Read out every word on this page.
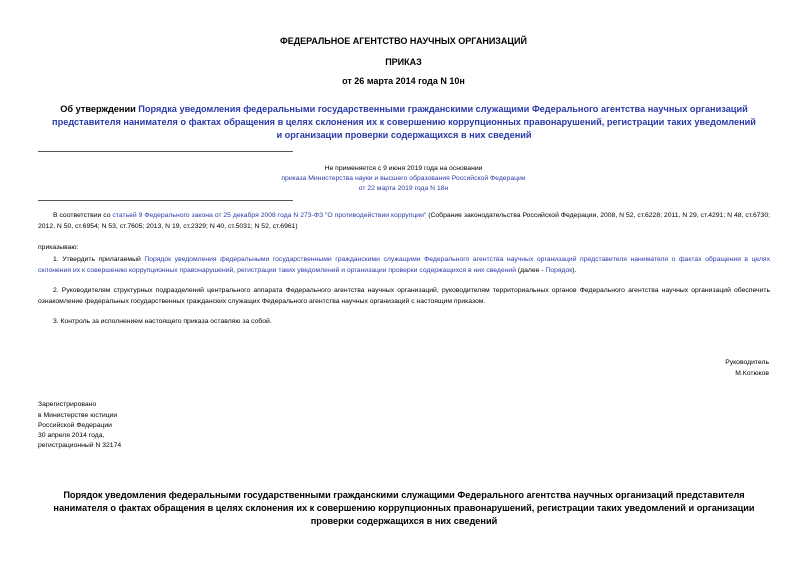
ФЕДЕРАЛЬНОЕ АГЕНТСТВО НАУЧНЫХ ОРГАНИЗАЦИЙ
ПРИКАЗ
от 26 марта 2014 года N 10н
Об утверждении Порядка уведомления федеральными государственными гражданскими служащими Федерального агентства научных организаций представителя нанимателя о фактах обращения в целях склонения их к совершению коррупционных правонарушений, регистрации таких уведомлений и организации проверки содержащихся в них сведений
Не применяется с 9 июня 2019 года на основании
приказа Министерства науки и высшего образования Российской Федерации
от 22 марта 2019 года N 18н
В соответствии со статьей 9 Федерального закона от 25 декабря 2008 года N 273-ФЗ "О противодействии коррупции" (Собрание законодательства Российской Федерации, 2008, N 52, ст.6228; 2011, N 29, ст.4291; N 48, ст.6730; 2012, N 50, ст.6954; N 53, ст.7605; 2013, N 19, ст.2329; N 40, ст.5031; N 52, ст.6961)
приказываю:
1. Утвердить прилагаемый Порядок уведомления федеральными государственными гражданскими служащими Федерального агентства научных организаций представителя нанимателя о фактах обращения в целях склонения их к совершению коррупционных правонарушений, регистрации таких уведомлений и организации проверки содержащихся в них сведений (далее - Порядок).
2. Руководителям структурных подразделений центрального аппарата Федерального агентства научных организаций, руководителям территориальных органов Федерального агентства научных организаций обеспечить ознакомление федеральных государственных гражданских служащих Федерального агентства научных организаций с настоящим приказом.
3. Контроль за исполнением настоящего приказа оставляю за собой.
Руководитель
М.Котюков
Зарегистрировано
в Министерстве юстиции
Российской Федерации
30 апреля 2014 года,
регистрационный N 32174
Порядок уведомления федеральными государственными гражданскими служащими Федерального агентства научных организаций представителя нанимателя о фактах обращения в целях склонения их к совершению коррупционных правонарушений, регистрации таких уведомлений и организации проверки содержащихся в них сведений
